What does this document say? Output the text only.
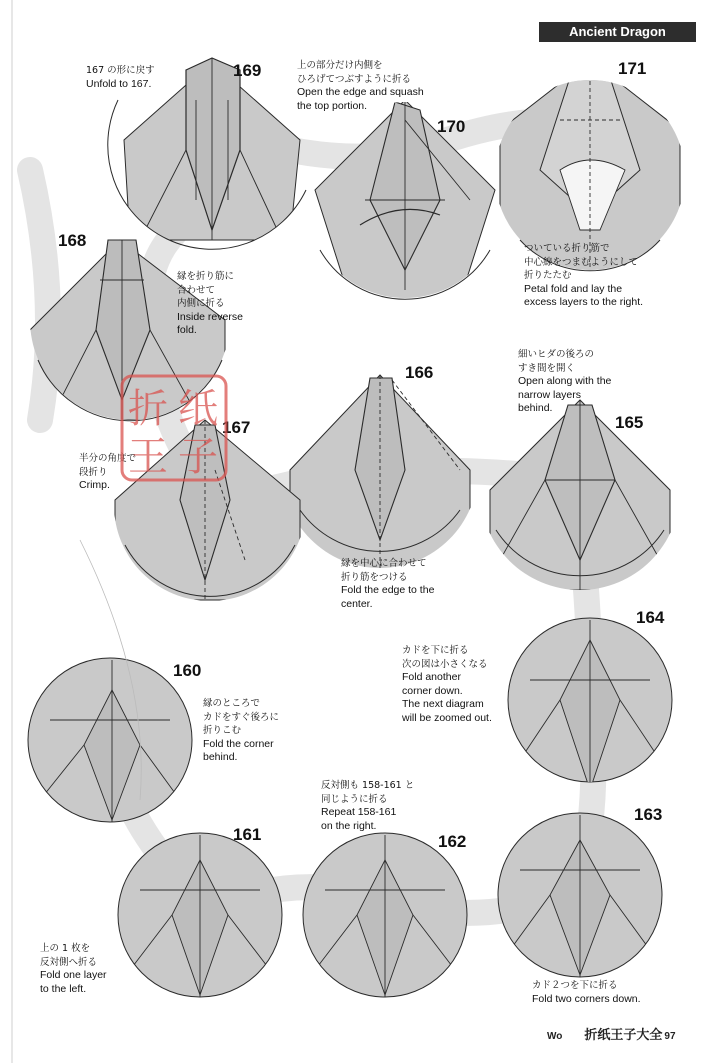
Ancient Dragon
169
170
171
168
167
166
165
164
160
161	162
163
167 の形に戻す
Unfold to 167.
上の部分だけ内側を
ひろげてつぶすように折る
Open the edge and squash
the top portion.
ついている折り筋で
中心線をつまむようにして
折りたたむ
Petal fold and lay the
excess layers to the right.
縁を折り筋に
合わせて
内側に折る
Inside reverse
fold.
半分の角度で
段折り
Crimp.
縁を中心に合わせて
折り筋をつける
Fold the edge to the
center.
細いヒダの後ろの
すき間を開く
Open along with the
narrow layers
behind.
カドを下に折る
次の図は小さくなる
Fold another
corner down.
The next diagram
will be zoomed out.
縁のところで
カドをすぐ後ろに
折りこむ
Fold the corner
behind.
上の 1 枚を
反対側へ折る
Fold one layer
to the left.
反対側も 158-161 と
同じように折る
Repeat 158-161
on the right.
カド２つを下に折る
Fold two corners down.
折 纸
王 子
Wo 折纸王子大全 97
